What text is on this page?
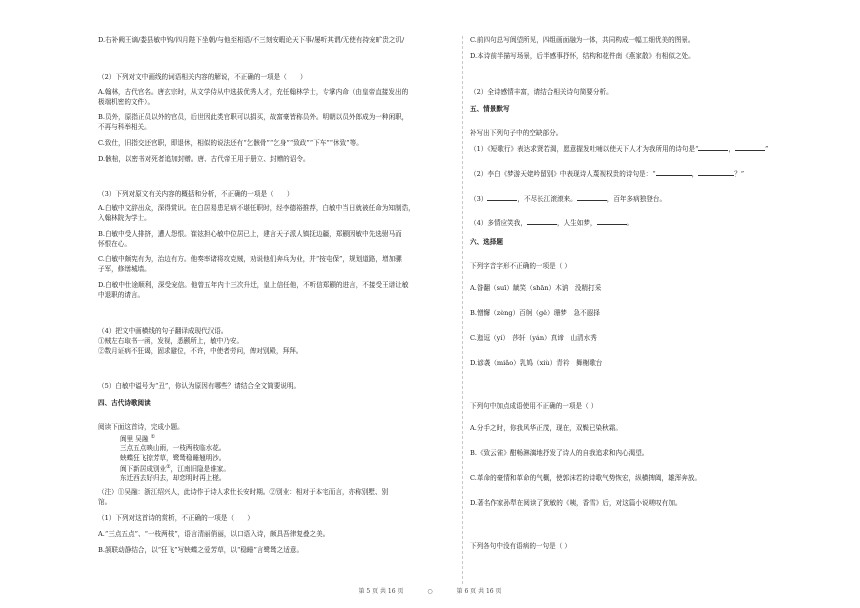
D.右补阙王谪/娄县敏中钩/四月陛下坐朝/与他至相语/不三刻安暇论天下事/屡听其谓/无使有持宠旷贵之讥/

（2）下列对文中画线的词语相关内容的解说，不正确的一项是（　　）

A.翰林，古代官名。唐玄宗时，从文学侍从中选拔优秀人才，充任翰林学士，专掌内命（由皇帝直接发出的

极端机密的文件）。

B.员外，原指正员以外的官员，后世因此类官职可以捐买，故富豪皆称员外。明朝以员外郎成为一种闲职，

不再与科举相关。

C.致仕，旧指交还官职，即退休，相似的说法还有“乞骸骨”“乞身”“致政”“下车”“休致”等。

D.骸棺，以密书对死者追加封赠。唐、古代帝王用于册立、封赠的诏令。

（3）下列对原文有关内容的概括和分析，不正确的一项是（　　）

A.白敏中文辞出众，深得赏识。在白居易患足病不堪任职时，经李德裕推荐，白敏中当日就被任命为知制诰，

入翰林院为学士。

B.白敏中受人排挤，遭人怨恨。崔铉担心敏中位居已上，建言天子派人镇抚边疆，郑颢因敏中先选驸马而

怀恨在心。

C.白敏中颇宪有为，治边有方。他奏率诸将攻克贼，劝说他们奔兵为业，并“按屯保”，规划道路，增加骡

子军，修缮城墙。

D.白敏中仕途顺利，深受宠信。他曾五年内十三次升迁，皇上信任他，不听信郑颢的进言，不接受王谱让敏

中退职的请言。

（4）把文中画横线的句子翻译成现代汉语。

①贼左右取书一函，发视，悉颢所上，敏中乃安。

②数月证病不狂谒，固求避位，不许，中使者劳问，俾对别殿，拜拜。

（5）白敏中谥号为“丑”，你认为原因有哪些？请结合全文简要说明。

四、古代诗歌阅读

阅读下面这首诗，完成小题。

阆里 吴融 ①

三点五点映山雨，一枝两枝临水花。

蛱蝶狂飞掠芳草，鹭鸶稳睡翘明沙。

阆下新居成别业②，江南旧隐是谁家。

东迁西去好归去，却恋明时再上槎。

（注）①吴融：浙江绍兴人，此诗作于诗人求仕长安时期。②别业：相对于本宅而言，亦称别墅、别

馆。

（1）下列对这首诗的赏析，不正确的一项是（　　）

A.“三点五点”、“一枝两枝”，语言清丽俏丽，以口语入诗，颇具吾律复叠之美。

B.颔联动静结合，以“狂飞”写蛱蝶之爱芳草，以“稳睡”言鹭鸶之适意。

C.前四句总写阆望所见，四组画面融为一体，共同构成一幅工细优美的图景。

D.本诗前半描写场景，后半感事抒怀，结构和花件南《燕家散》有相似之处。

（2）全诗感情丰富，请结合相关诗句简要分析。

五、情景默写

补写出下列句子中的空缺部分。

（1）《短歌行》表达求贤若渴，愿意握发吐哺以使天下人才为我所用的诗句是“	，	”

（2）李白《梦游天姥吟留别》中表现诗人蔑视权贵的诗句是：“	，	？”

（3）	，不尽长江滚滚来。	，百年多病独登台。

（4）多情应笑我，	，人生如梦，	。

六、选择题

下列字音字形不正确的一项是（ ）

A.昝翻（suī）龇笑（shān）木讷　没精打采

B.憎懈（zèng）百舸（gě）珊梦　急不遐择

C.迤逗（yí）　莎轩（yán）真谛　山清水秀

D.谚袭（miǎo）乳鸠（xiù）青衿　舞榭歌台

下列句中加点成语使用不正确的一项是（ ）

A.分手之时，你我风华正茂，现在，双鬓已染秋霜。

B.《致云雀》酣畅淋漓地抒发了诗人的自我追求和内心渴望。

C.革命的豪情和革命的气概，使郭沫若的诗歌气势恢宏，纵横捭阖，雄浑奔放。

D.著名作家孙犁在阅读了犹敏的《咦，香雪》后，对这篇小说嗟叹有加。

下列各句中没有语病的一句是（ ）

第 5 页 共 16 页	○	第 6 页 共 16 页
